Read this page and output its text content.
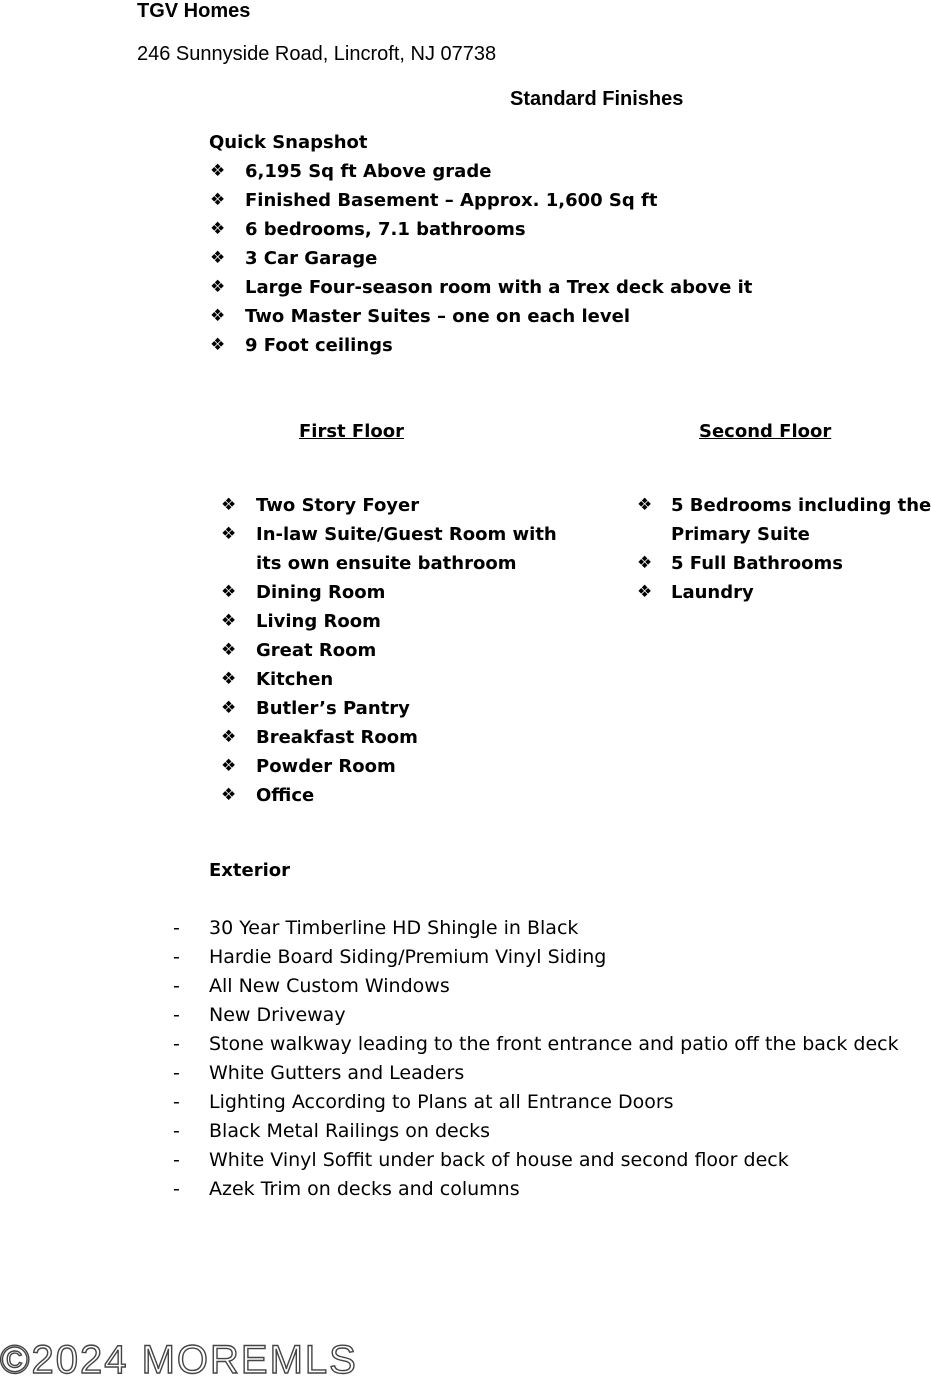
TGV Homes
246 Sunnyside Road, Lincroft, NJ 07738
Standard Finishes
Quick Snapshot
❖ 6,195 Sq ft Above grade
❖ Finished Basement – Approx. 1,600 Sq ft
❖ 6 bedrooms, 7.1 bathrooms
❖ 3 Car Garage
❖ Large Four-season room with a Trex deck above it
❖ Two Master Suites – one on each level
❖ 9 Foot ceilings
First Floor	Second Floor
❖ Two Story Foyer
❖ In-law Suite/Guest Room with
its own ensuite bathroom
❖ Dining Room
❖ Living Room
❖ Great Room
❖ Kitchen
❖ Butler’s Pantry
❖ Breakfast Room
❖ Powder Room
❖ Office
❖ 5 Bedrooms including the
Primary Suite
❖ 5 Full Bathrooms
❖ Laundry
Exterior
- 30 Year Timberline HD Shingle in Black
- Hardie Board Siding/Premium Vinyl Siding
- All New Custom Windows
- New Driveway
- Stone walkway leading to the front entrance and patio off the back deck
- White Gutters and Leaders
- Lighting According to Plans at all Entrance Doors
- Black Metal Railings on decks
- White Vinyl Soffit under back of house and second floor deck
- Azek Trim on decks and columns
©2024 MOREMLS
